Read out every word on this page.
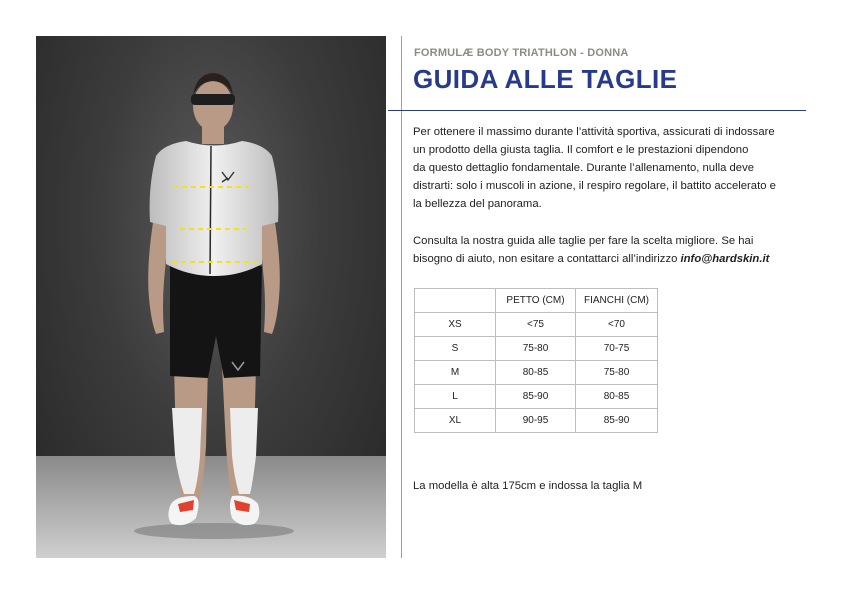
FORMULÆ BODY TRIATHLON - DONNA
GUIDA ALLE TAGLIE

Per ottenere il massimo durante l’attività sportiva, assicurati di indossare
un prodotto della giusta taglia. Il comfort e le prestazioni dipendono
da questo dettaglio fondamentale. Durante l’allenamento, nulla deve
distrarti: solo i muscoli in azione, il respiro regolare, il battito accelerato e
la bellezza del panorama.

Consulta la nostra guida alle taglie per fare la scelta migliore. Se hai
bisogno di aiuto, non esitare a contattarci all’indirizzo info@hardskin.it

	PETTO (CM)	FIANCHI (CM)
XS	<75	<70
S	75-80	70-75
M	80-85	75-80
L	85-90	80-85
XL	90-95	85-90
La modella è alta 175cm e indossa la taglia M
